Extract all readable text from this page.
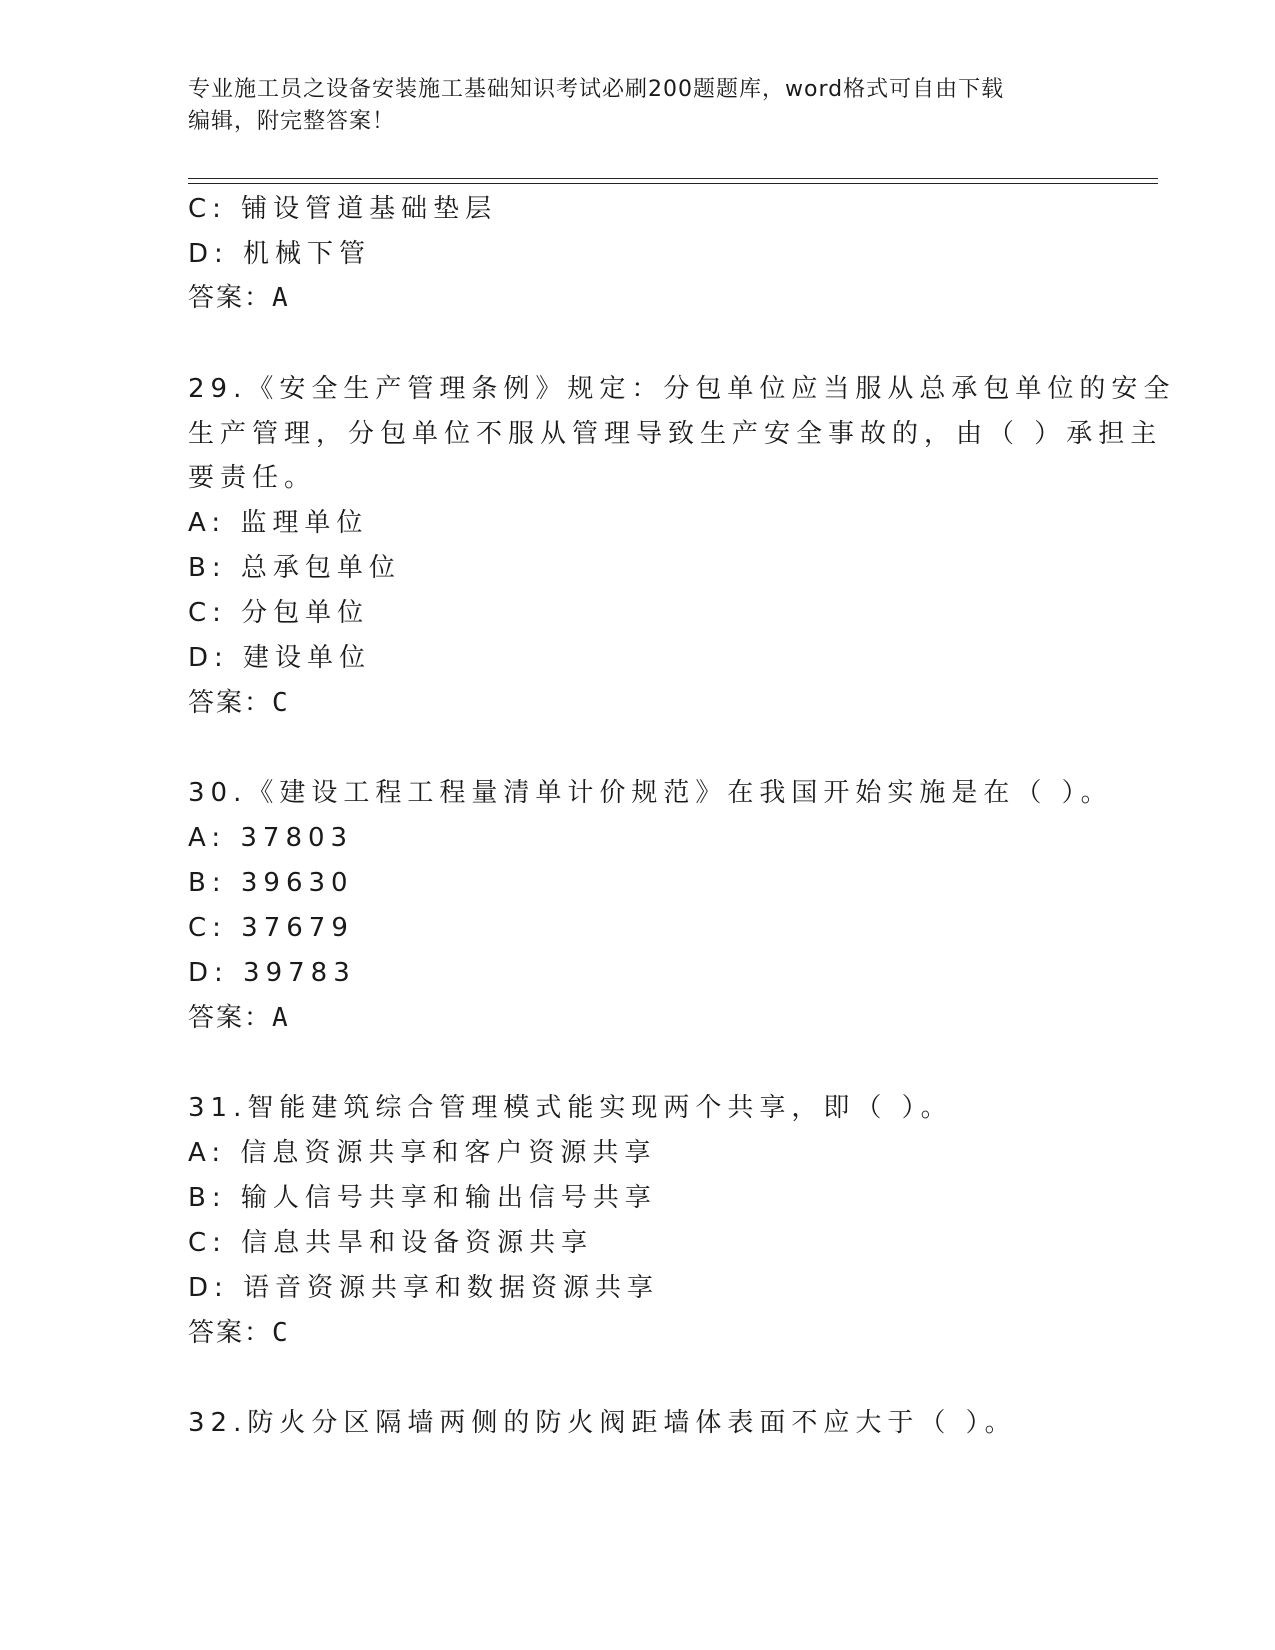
专业施工员之设备安装施工基础知识考试必刷200题题库，word格式可自由下载
编辑，附完整答案！
C: 铺设管道基础垫层
D: 机械下管
答案：A
29.《安全生产管理条例》规定：分包单位应当服从总承包单位的安全
生产管理，分包单位不服从管理导致生产安全事故的，由（ ）承担主
要责任。
A: 监理单位
B: 总承包单位
C: 分包单位
D: 建设单位
答案：C
30.《建设工程工程量清单计价规范》在我国开始实施是在（ ）。
A: 37803
B: 39630
C: 37679
D: 39783
答案：A
31.智能建筑综合管理模式能实现两个共享，即（ ）。
A: 信息资源共享和客户资源共享
B: 输人信号共享和输出信号共享
C: 信息共旱和设备资源共享
D: 语音资源共享和数据资源共享
答案：C
32.防火分区隔墙两侧的防火阀距墙体表面不应大于（ ）。
